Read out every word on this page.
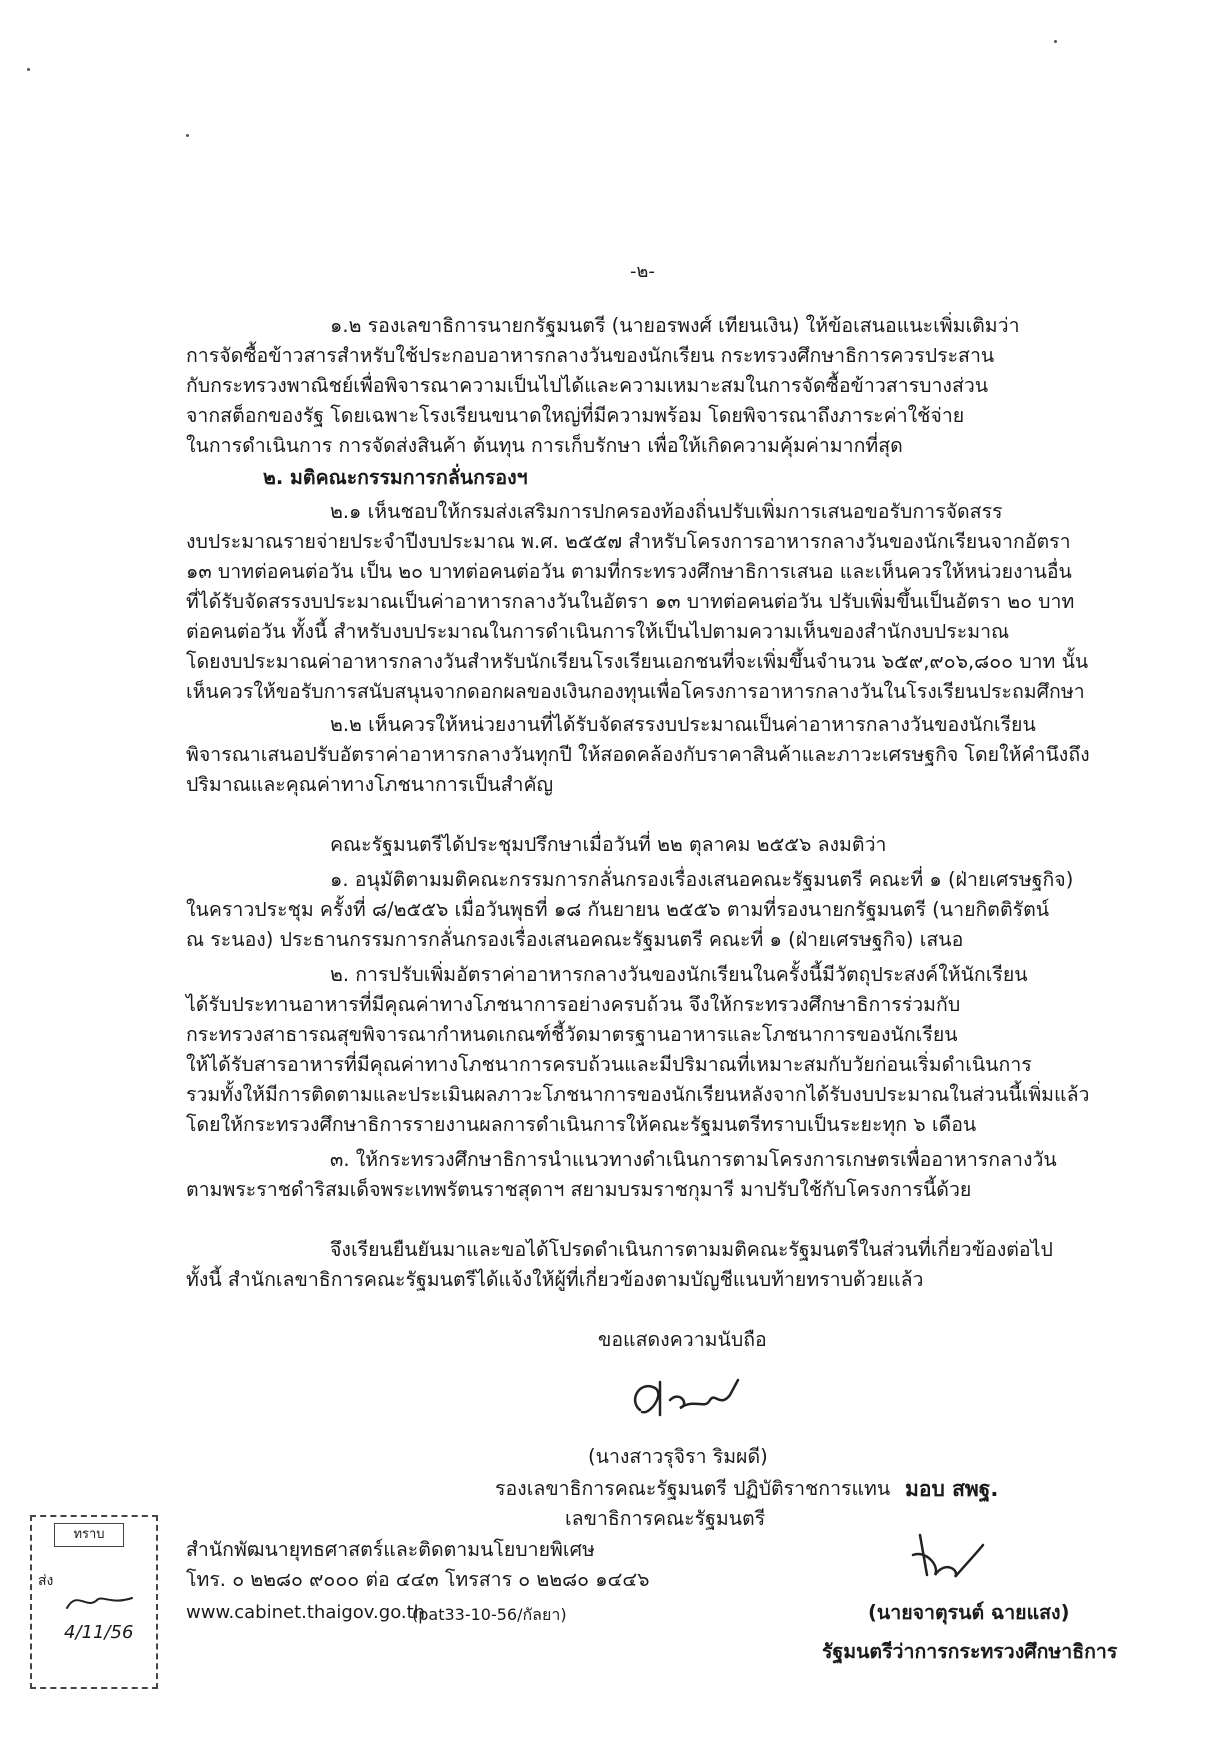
-๒-
๑.๒ รองเลขาธิการนายกรัฐมนตรี (นายอรพงศ์ เทียนเงิน) ให้ข้อเสนอแนะเพิ่มเติมว่า
การจัดซื้อข้าวสารสำหรับใช้ประกอบอาหารกลางวันของนักเรียน กระทรวงศึกษาธิการควรประสาน
กับกระทรวงพาณิชย์เพื่อพิจารณาความเป็นไปได้และความเหมาะสมในการจัดซื้อข้าวสารบางส่วน
จากสต็อกของรัฐ โดยเฉพาะโรงเรียนขนาดใหญ่ที่มีความพร้อม โดยพิจารณาถึงภาระค่าใช้จ่าย
ในการดำเนินการ การจัดส่งสินค้า ต้นทุน การเก็บรักษา เพื่อให้เกิดความคุ้มค่ามากที่สุด
๒. มติคณะกรรมการกลั่นกรองฯ
๒.๑ เห็นชอบให้กรมส่งเสริมการปกครองท้องถิ่นปรับเพิ่มการเสนอขอรับการจัดสรร
งบประมาณรายจ่ายประจำปีงบประมาณ พ.ศ. ๒๕๕๗ สำหรับโครงการอาหารกลางวันของนักเรียนจากอัตรา
๑๓ บาทต่อคนต่อวัน เป็น ๒๐ บาทต่อคนต่อวัน ตามที่กระทรวงศึกษาธิการเสนอ และเห็นควรให้หน่วยงานอื่น
ที่ได้รับจัดสรรงบประมาณเป็นค่าอาหารกลางวันในอัตรา ๑๓ บาทต่อคนต่อวัน ปรับเพิ่มขึ้นเป็นอัตรา ๒๐ บาท
ต่อคนต่อวัน ทั้งนี้ สำหรับงบประมาณในการดำเนินการให้เป็นไปตามความเห็นของสำนักงบประมาณ
โดยงบประมาณค่าอาหารกลางวันสำหรับนักเรียนโรงเรียนเอกชนที่จะเพิ่มขึ้นจำนวน ๖๕๙,๙๐๖,๘๐๐ บาท นั้น
เห็นควรให้ขอรับการสนับสนุนจากดอกผลของเงินกองทุนเพื่อโครงการอาหารกลางวันในโรงเรียนประถมศึกษา
๒.๒ เห็นควรให้หน่วยงานที่ได้รับจัดสรรงบประมาณเป็นค่าอาหารกลางวันของนักเรียน
พิจารณาเสนอปรับอัตราค่าอาหารกลางวันทุกปี ให้สอดคล้องกับราคาสินค้าและภาวะเศรษฐกิจ โดยให้คำนึงถึง
ปริมาณและคุณค่าทางโภชนาการเป็นสำคัญ
คณะรัฐมนตรีได้ประชุมปรึกษาเมื่อวันที่ ๒๒ ตุลาคม ๒๕๕๖ ลงมติว่า
๑. อนุมัติตามมติคณะกรรมการกลั่นกรองเรื่องเสนอคณะรัฐมนตรี คณะที่ ๑ (ฝ่ายเศรษฐกิจ)
ในคราวประชุม ครั้งที่ ๘/๒๕๕๖ เมื่อวันพุธที่ ๑๘ กันยายน ๒๕๕๖ ตามที่รองนายกรัฐมนตรี (นายกิตติรัตน์
ณ ระนอง) ประธานกรรมการกลั่นกรองเรื่องเสนอคณะรัฐมนตรี คณะที่ ๑ (ฝ่ายเศรษฐกิจ) เสนอ
๒. การปรับเพิ่มอัตราค่าอาหารกลางวันของนักเรียนในครั้งนี้มีวัตถุประสงค์ให้นักเรียน
ได้รับประทานอาหารที่มีคุณค่าทางโภชนาการอย่างครบถ้วน จึงให้กระทรวงศึกษาธิการร่วมกับ
กระทรวงสาธารณสุขพิจารณากำหนดเกณฑ์ชี้วัดมาตรฐานอาหารและโภชนาการของนักเรียน
ให้ได้รับสารอาหารที่มีคุณค่าทางโภชนาการครบถ้วนและมีปริมาณที่เหมาะสมกับวัยก่อนเริ่มดำเนินการ
รวมทั้งให้มีการติดตามและประเมินผลภาวะโภชนาการของนักเรียนหลังจากได้รับงบประมาณในส่วนนี้เพิ่มแล้ว
โดยให้กระทรวงศึกษาธิการรายงานผลการดำเนินการให้คณะรัฐมนตรีทราบเป็นระยะทุก ๖ เดือน
๓. ให้กระทรวงศึกษาธิการนำแนวทางดำเนินการตามโครงการเกษตรเพื่ออาหารกลางวัน
ตามพระราชดำริสมเด็จพระเทพรัตนราชสุดาฯ สยามบรมราชกุมารี มาปรับใช้กับโครงการนี้ด้วย
จึงเรียนยืนยันมาและขอได้โปรดดำเนินการตามมติคณะรัฐมนตรีในส่วนที่เกี่ยวข้องต่อไป
ทั้งนี้ สำนักเลขาธิการคณะรัฐมนตรีได้แจ้งให้ผู้ที่เกี่ยวข้องตามบัญชีแนบท้ายทราบด้วยแล้ว
ขอแสดงความนับถือ
(นางสาวรุจิรา ริมผดี)
รองเลขาธิการคณะรัฐมนตรี ปฏิบัติราชการแทน
เลขาธิการคณะรัฐมนตรี
มอบ สพฐ.
สำนักพัฒนายุทธศาสตร์และติดตามนโยบายพิเศษ
โทร. ๐ ๒๒๘๐ ๙๐๐๐ ต่อ ๔๔๓ โทรสาร ๐ ๒๒๘๐ ๑๔๔๖
www.cabinet.thaigov.go.th
(pat33-10-56/กัลยา)	(นายจาตุรนต์ ฉายแสง)
รัฐมนตรีว่าการกระทรวงศึกษาธิการ
ทราบ
ส่ง
4/11/56
